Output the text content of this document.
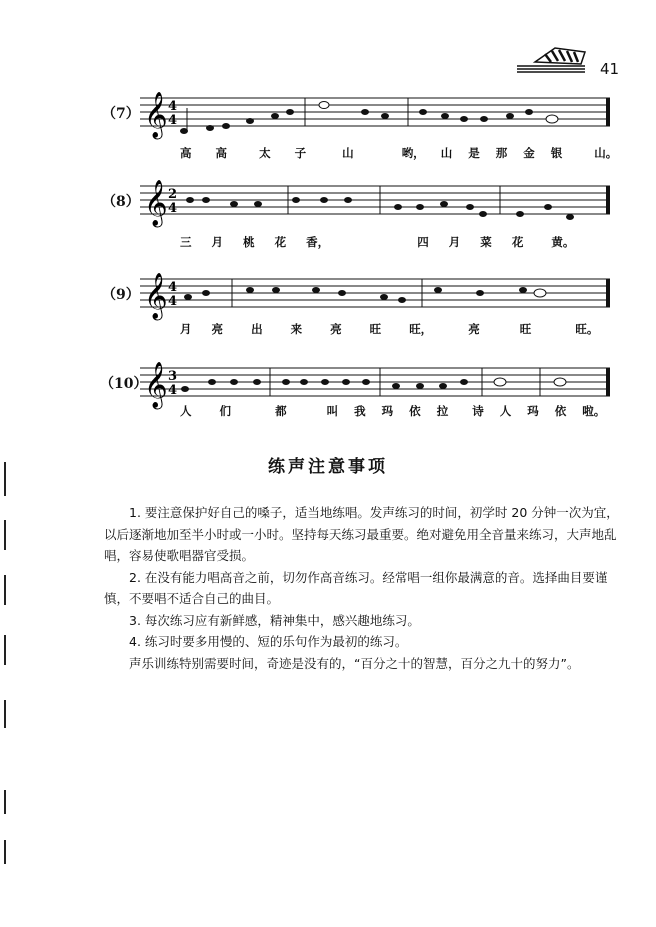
41
（7） 𝄞 4
4
高 高	太 子	山	哟， 山 是 那 金 银	山。
（8） 𝄞 2
4
三 月 桃 花 香，	四 月 菜 花 黄。
（9） 𝄞 4
4
月 亮 出 来 亮 旺 旺，	亮	旺	旺。
（10）
𝄞 3
4
人 们	都	叫 我 玛 依 拉 诗 人 玛 依 啦。
练声注意事项

1. 要注意保护好自己的嗓子，适当地练唱。发声练习的时间，初学时 20 分钟一次为宜，以后逐渐地加至半小时或一小时。坚持每天练习最重要。绝对避免用全音量来练习，大声地乱唱，容易使歌唱器官受损。

2. 在没有能力唱高音之前，切勿作高音练习。经常唱一组你最满意的音。选择曲目要谨慎，不要唱不适合自己的曲目。

3. 每次练习应有新鲜感，精神集中，感兴趣地练习。

4. 练习时要多用慢的、短的乐句作为最初的练习。

声乐训练特别需要时间，奇迹是没有的，“百分之十的智慧，百分之九十的努力”。
